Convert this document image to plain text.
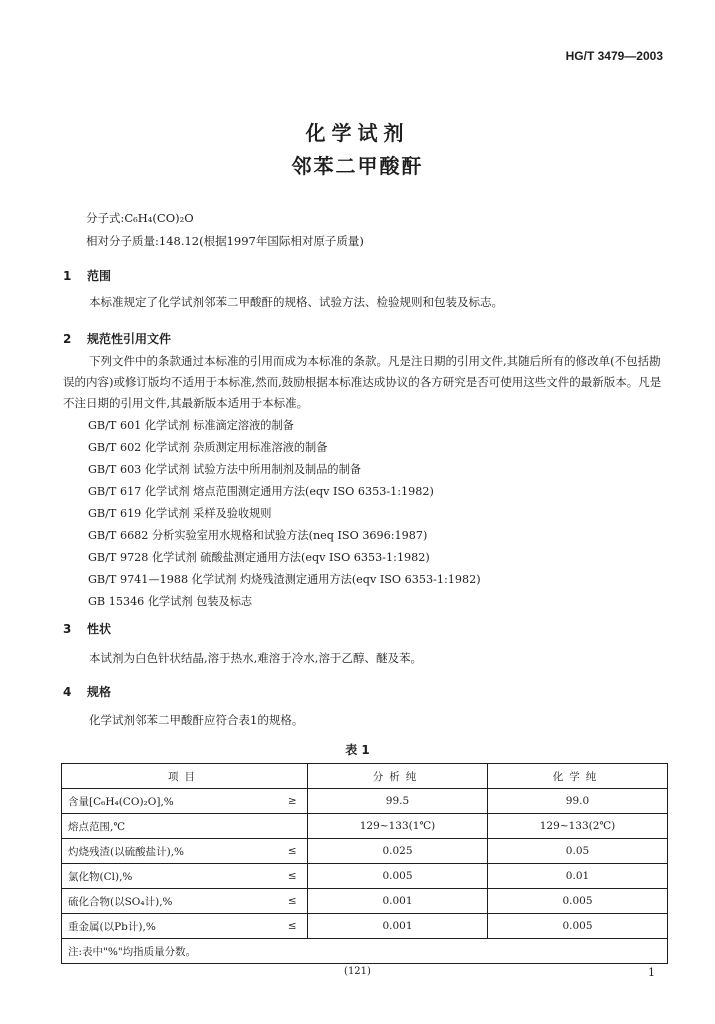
HG/T 3479—2003
化学试剂
邻苯二甲酸酐
分子式:C₆H₄(CO)₂O
相对分子质量:148.12(根据1997年国际相对原子质量)
1 范围
本标准规定了化学试剂邻苯二甲酸酐的规格、试验方法、检验规则和包装及标志。
2 规范性引用文件
下列文件中的条款通过本标准的引用而成为本标准的条款。凡是注日期的引用文件,其随后所有的修改单(不包括勘误的内容)或修订版均不适用于本标准,然而,鼓励根据本标准达成协议的各方研究是否可使用这些文件的最新版本。凡是不注日期的引用文件,其最新版本适用于本标准。
GB/T 601 化学试剂 标准滴定溶液的制备
GB/T 602 化学试剂 杂质测定用标准溶液的制备
GB/T 603 化学试剂 试验方法中所用制剂及制品的制备
GB/T 617 化学试剂 熔点范围测定通用方法(eqv ISO 6353-1:1982)
GB/T 619 化学试剂 采样及验收规则
GB/T 6682 分析实验室用水规格和试验方法(neq ISO 3696:1987)
GB/T 9728 化学试剂 硫酸盐测定通用方法(eqv ISO 6353-1:1982)
GB/T 9741—1988 化学试剂 灼烧残渣测定通用方法(eqv ISO 6353-1:1982)
GB 15346 化学试剂 包装及标志
3 性状
本试剂为白色针状结晶,溶于热水,难溶于冷水,溶于乙醇、醚及苯。
4 规格
化学试剂邻苯二甲酸酐应符合表1的规格。
表 1
项目		分析纯	化学纯
含量[C₆H₄(CO)₂O],%	≥	99.5	99.0
熔点范围,℃		129~133(1℃)	129~133(2℃)
灼烧残渣(以硫酸盐计),%	≤	0.025	0.05
氯化物(Cl),%	≤	0.005	0.01
硫化合物(以SO₄计),%	≤	0.001	0.005
重金属(以Pb计),%	≤	0.001	0.005
注:表中"%"均指质量分数。			
(121)	1
